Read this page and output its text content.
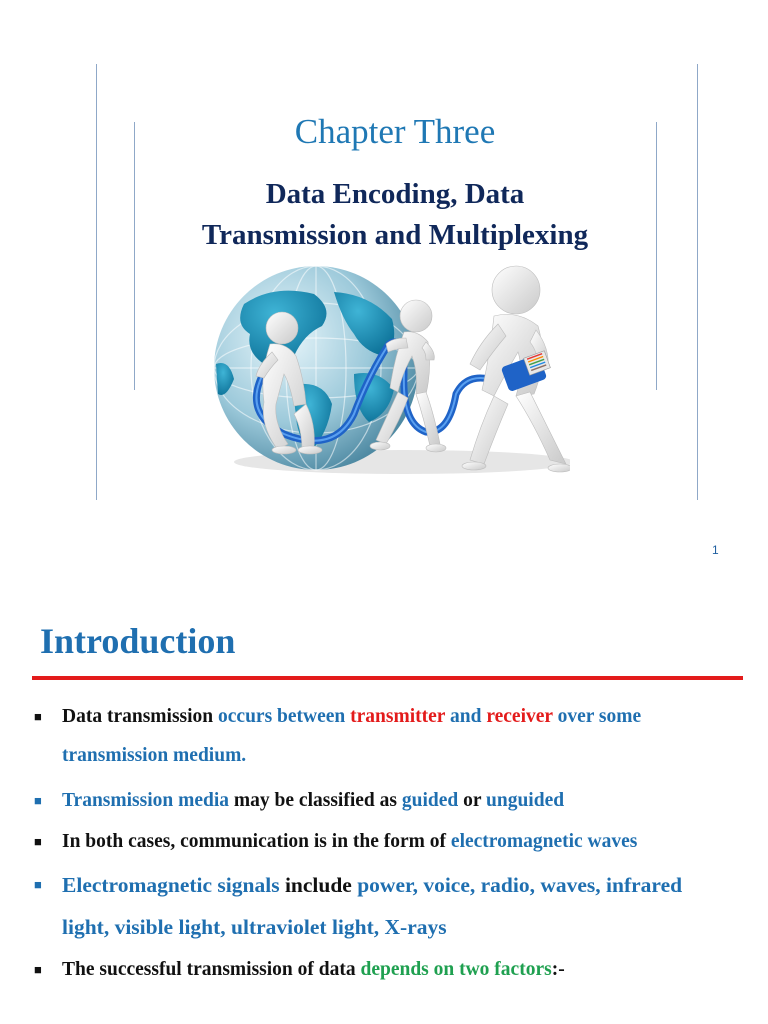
Chapter Three
Data Encoding, Data
Transmission and Multiplexing
1
Introduction
■ Data transmission occurs between transmitter and receiver over some transmission medium.
■ Transmission media may be classified as guided or unguided
■ In both cases, communication is in the form of electromagnetic waves
■ Electromagnetic signals include power, voice, radio, waves, infrared light, visible light, ultraviolet light, X-rays
■ The successful transmission of data depends on two factors:-
